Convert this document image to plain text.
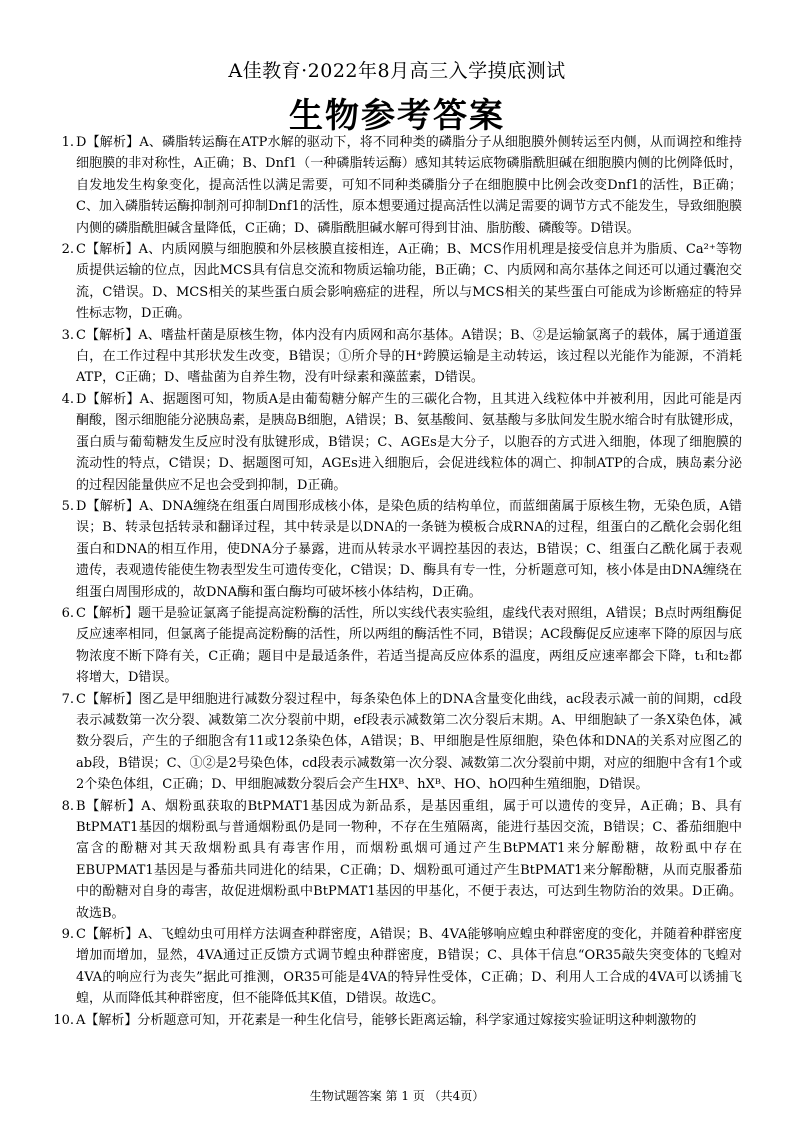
A佳教育·2022年8月高三入学摸底测试
生物参考答案
1. D【解析】A、磷脂转运酶在ATP水解的驱动下，将不同种类的磷脂分子从细胞膜外侧转运至内侧，从而调控和维持细胞膜的非对称性，A正确；B、Dnf1（一种磷脂转运酶）感知其转运底物磷脂酰胆碱在细胞膜内侧的比例降低时，自发地发生构象变化，提高活性以满足需要，可知不同种类磷脂分子在细胞膜中比例会改变Dnf1的活性，B正确；C、加入磷脂转运酶抑制剂可抑制Dnf1的活性，原本想要通过提高活性以满足需要的调节方式不能发生，导致细胞膜内侧的磷脂酰胆碱含量降低，C正确；D、磷脂酰胆碱水解可得到甘油、脂肪酸、磷酸等。D错误。
2. C【解析】A、内质网膜与细胞膜和外层核膜直接相连，A正确；B、MCS作用机理是接受信息并为脂质、Ca²⁺等物质提供运输的位点，因此MCS具有信息交流和物质运输功能，B正确；C、内质网和高尔基体之间还可以通过囊泡交流，C错误。D、MCS相关的某些蛋白质会影响癌症的进程，所以与MCS相关的某些蛋白可能成为诊断癌症的特异性标志物，D正确。
3. C【解析】A、嗜盐杆菌是原核生物，体内没有内质网和高尔基体。A错误；B、②是运输氯离子的载体，属于通道蛋白，在工作过程中其形状发生改变，B错误；①所介导的H⁺跨膜运输是主动转运，该过程以光能作为能源，不消耗ATP，C正确；D、嗜盐菌为自养生物，没有叶绿素和藻蓝素，D错误。
4. D【解析】A、据题图可知，物质A是由葡萄糖分解产生的三碳化合物，且其进入线粒体中并被利用，因此可能是丙酮酸，图示细胞能分泌胰岛素，是胰岛B细胞，A错误；B、氨基酸间、氨基酸与多肽间发生脱水缩合时有肽键形成，蛋白质与葡萄糖发生反应时没有肽键形成，B错误；C、AGEs是大分子，以胞吞的方式进入细胞，体现了细胞膜的流动性的特点，C错误；D、据题图可知，AGEs进入细胞后，会促进线粒体的凋亡、抑制ATP的合成，胰岛素分泌的过程因能量供应不足也会受到抑制，D正确。
5. D【解析】A、DNA缠绕在组蛋白周围形成核小体，是染色质的结构单位，而蓝细菌属于原核生物，无染色质，A错误；B、转录包括转录和翻译过程，其中转录是以DNA的一条链为模板合成RNA的过程，组蛋白的乙酰化会弱化组蛋白和DNA的相互作用，使DNA分子暴露，进而从转录水平调控基因的表达，B错误；C、组蛋白乙酰化属于表观遗传，表观遗传能使生物表型发生可遗传变化，C错误；D、酶具有专一性，分析题意可知，核小体是由DNA缠绕在组蛋白周围形成的，故DNA酶和蛋白酶均可破坏核小体结构，D正确。
6. C【解析】题干是验证氯离子能提高淀粉酶的活性，所以实线代表实验组，虚线代表对照组，A错误；B点时两组酶促反应速率相同，但氯离子能提高淀粉酶的活性，所以两组的酶活性不同，B错误；AC段酶促反应速率下降的原因与底物浓度不断下降有关，C正确；题目中是最适条件，若适当提高反应体系的温度，两组反应速率都会下降，t₁和t₂都将增大，D错误。
7. C【解析】图乙是甲细胞进行减数分裂过程中，每条染色体上的DNA含量变化曲线，ac段表示减一前的间期，cd段表示减数第一次分裂、减数第二次分裂前中期，ef段表示减数第二次分裂后末期。A、甲细胞缺了一条X染色体，减数分裂后，产生的子细胞含有11或12条染色体，A错误；B、甲细胞是性原细胞，染色体和DNA的关系对应图乙的ab段，B错误；C、①②是2号染色体，cd段表示减数第一次分裂、减数第二次分裂前中期，对应的细胞中含有1个或2个染色体组，C正确；D、甲细胞减数分裂后会产生HXᴮ、hXᴮ、HO、hO四种生殖细胞，D错误。
8. B【解析】A、烟粉虱获取的BtPMAT1基因成为新品系，是基因重组，属于可以遗传的变异，A正确；B、具有BtPMAT1基因的烟粉虱与普通烟粉虱仍是同一物种，不存在生殖隔离，能进行基因交流，B错误；C、番茄细胞中富含的酚糖对其天敌烟粉虱具有毒害作用，而烟粉虱烟可通过产生BtPMAT1来分解酚糖，故粉虱中存在EBUPMAT1基因是与番茄共同进化的结果，C正确；D、烟粉虱可通过产生BtPMAT1来分解酚糖，从而克服番茄中的酚糖对自身的毒害，故促进烟粉虱中BtPMAT1基因的甲基化，不便于表达，可达到生物防治的效果。D正确。故选B。
9. C【解析】A、飞蝗幼虫可用样方法调查种群密度，A错误；B、4VA能够响应蝗虫种群密度的变化，并随着种群密度增加而增加，显然，4VA通过正反馈方式调节蝗虫种群密度，B错误；C、具体干信息“OR35敲失突变体的飞蝗对4VA的响应行为丧失”据此可推测，OR35可能是4VA的特异性受体，C正确；D、利用人工合成的4VA可以诱捕飞蝗，从而降低其种群密度，但不能降低其K值，D错误。故选C。
10. A【解析】分析题意可知，开花素是一种生化信号，能够长距离运输，科学家通过嫁接实验证明这种刺激物的
生物试题答案 第 1 页 （共4页）
